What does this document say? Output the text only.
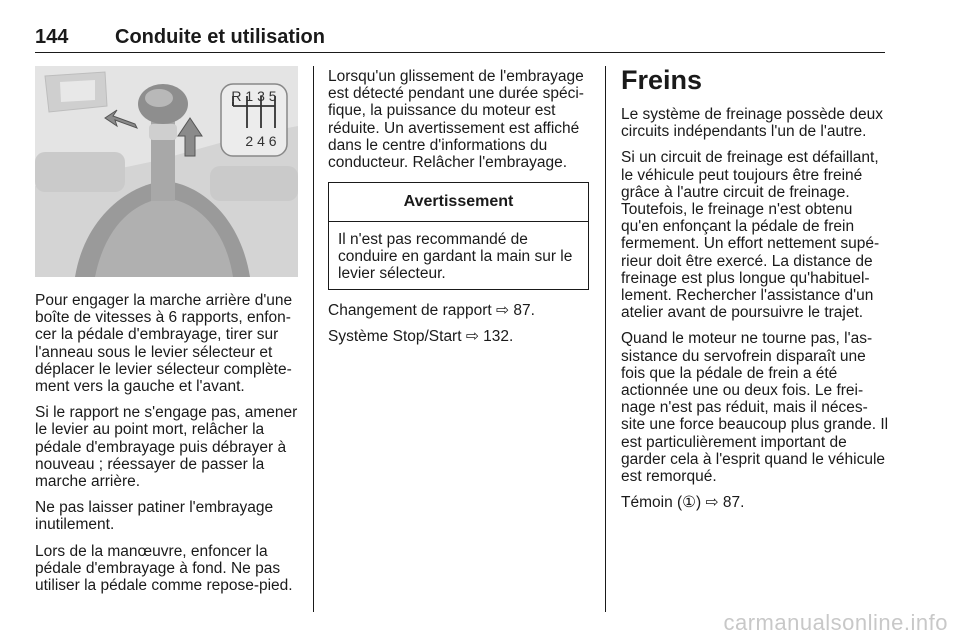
144 Conduite et utilisation
R 1 3 5
2 4 6

Pour engager la marche arrière d'une boîte de vitesses à 6 rapports, enfon-cer la pédale d'embrayage, tirer sur l'anneau sous le levier sélecteur et déplacer le levier sélecteur complète-ment vers la gauche et l'avant.

Si le rapport ne s'engage pas, amener le levier au point mort, relâcher la pédale d'embrayage puis débrayer à nouveau ; réessayer de passer la marche arrière.

Ne pas laisser patiner l'embrayage inutilement.

Lors de la manœuvre, enfoncer la pédale d'embrayage à fond. Ne pas utiliser la pédale comme repose-pied.

Lorsqu'un glissement de l'embrayage est détecté pendant une durée spéci-fique, la puissance du moteur est réduite. Un avertissement est affiché dans le centre d'informations du conducteur. Relâcher l'embrayage.

Avertissement
Il n'est pas recommandé de conduire en gardant la main sur le levier sélecteur.

Changement de rapport ⇨ 87.

Système Stop/Start ⇨ 132.

Freins

Le système de freinage possède deux circuits indépendants l'un de l'autre.

Si un circuit de freinage est défaillant, le véhicule peut toujours être freiné grâce à l'autre circuit de freinage. Toutefois, le freinage n'est obtenu qu'en enfonçant la pédale de frein fermement. Un effort nettement supé-rieur doit être exercé. La distance de freinage est plus longue qu'habituel-lement. Rechercher l'assistance d'un atelier avant de poursuivre le trajet.

Quand le moteur ne tourne pas, l'as-sistance du servofrein disparaît une fois que la pédale de frein a été actionnée une ou deux fois. Le frei-nage n'est pas réduit, mais il néces-site une force beaucoup plus grande. Il est particulièrement important de garder cela à l'esprit quand le véhicule est remorqué.

Témoin (①) ⇨ 87.

carmanualsonline.info
